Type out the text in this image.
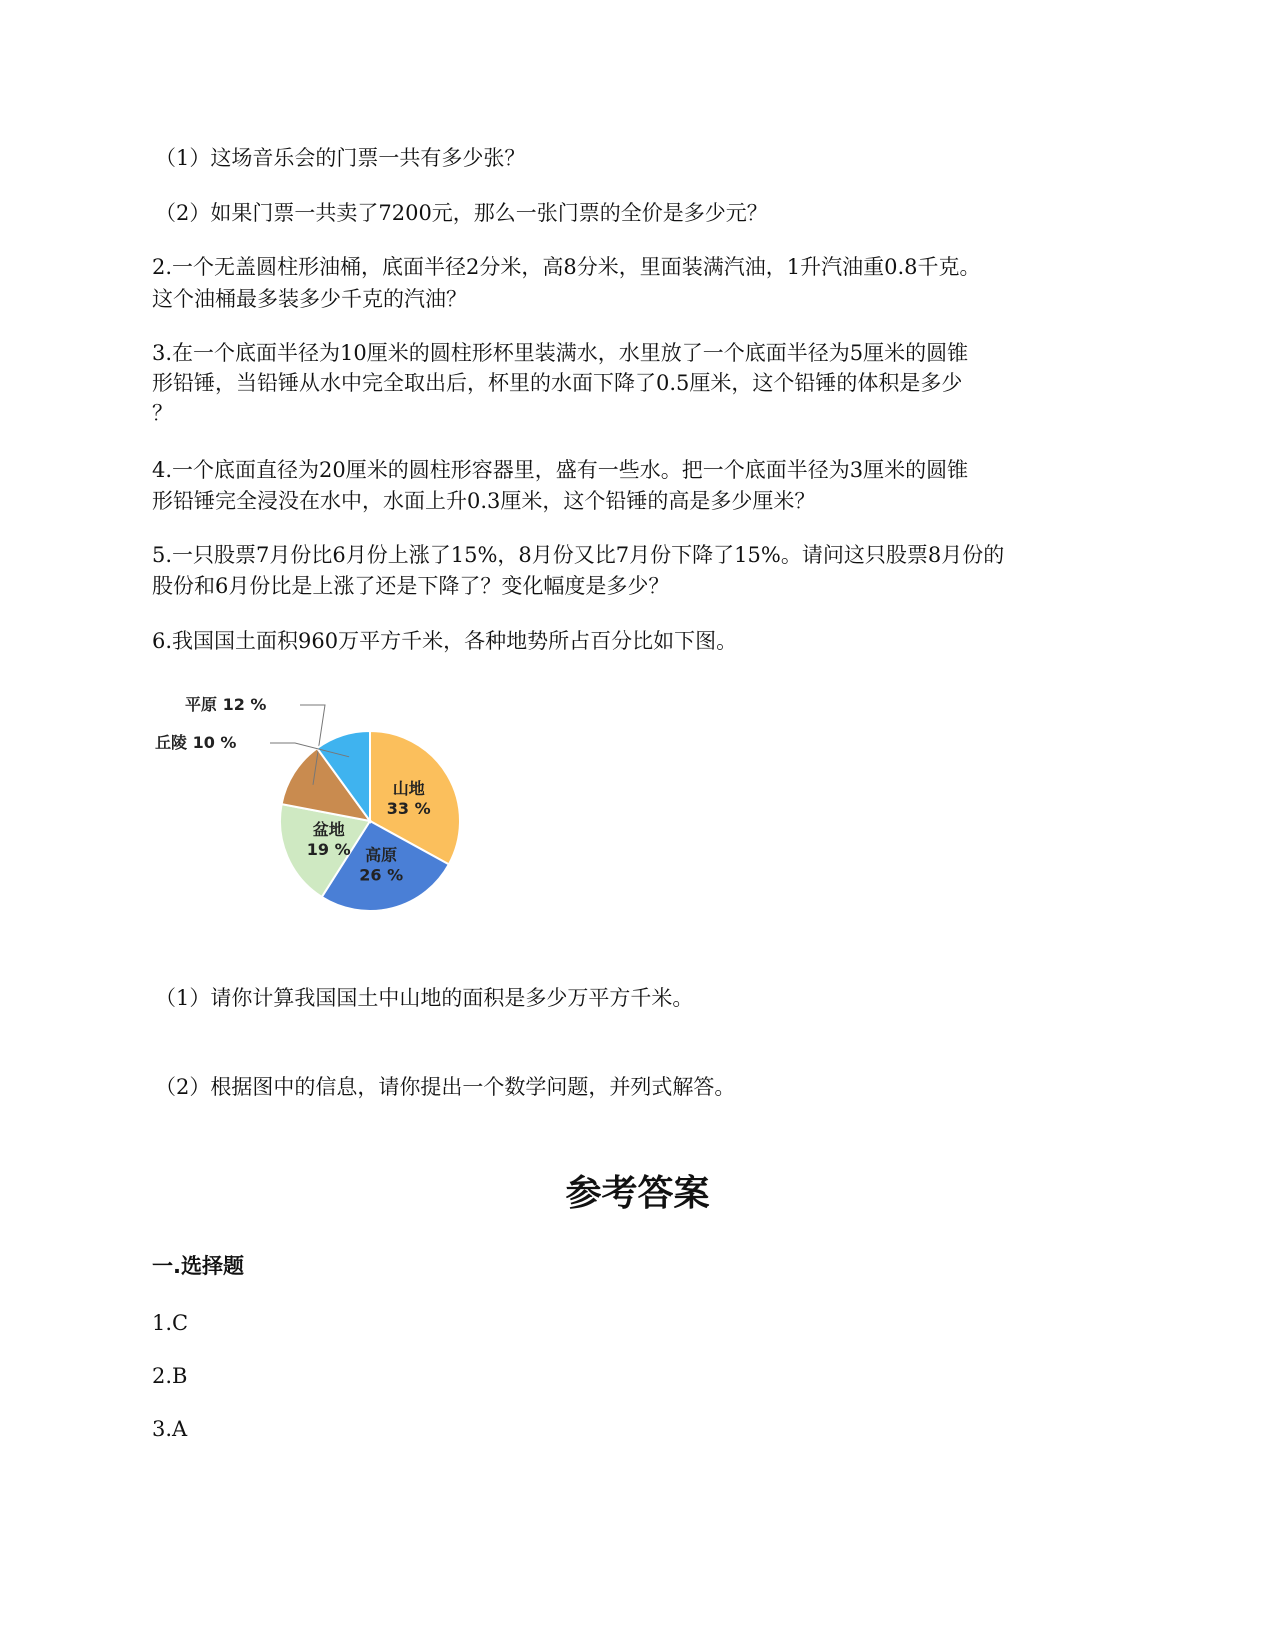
（1）这场音乐会的门票一共有多少张？
（2）如果门票一共卖了7200元，那么一张门票的全价是多少元？
2.一个无盖圆柱形油桶，底面半径2分米，高8分米，里面装满汽油，1升汽油重0.8千克。
这个油桶最多装多少千克的汽油？
3.在一个底面半径为10厘米的圆柱形杯里装满水，水里放了一个底面半径为5厘米的圆锥
形铅锤，当铅锤从水中完全取出后，杯里的水面下降了0.5厘米，这个铅锤的体积是多少
？
4.一个底面直径为20厘米的圆柱形容器里，盛有一些水。把一个底面半径为3厘米的圆锥
形铅锤完全浸没在水中，水面上升0.3厘米，这个铅锤的高是多少厘米？
5.一只股票7月份比6月份上涨了15%，8月份又比7月份下降了15%。请问这只股票8月份的
股份和6月份比是上涨了还是下降了？变化幅度是多少？
6.我国国土面积960万平方千米，各种地势所占百分比如下图。
丘陵 10 %
平原 12 %
山地
33 %
高原
26 %
盆地
19 %
（1）请你计算我国国土中山地的面积是多少万平方千米。
（2）根据图中的信息，请你提出一个数学问题，并列式解答。
参考答案
一.选择题
1.C
2.B
3.A
